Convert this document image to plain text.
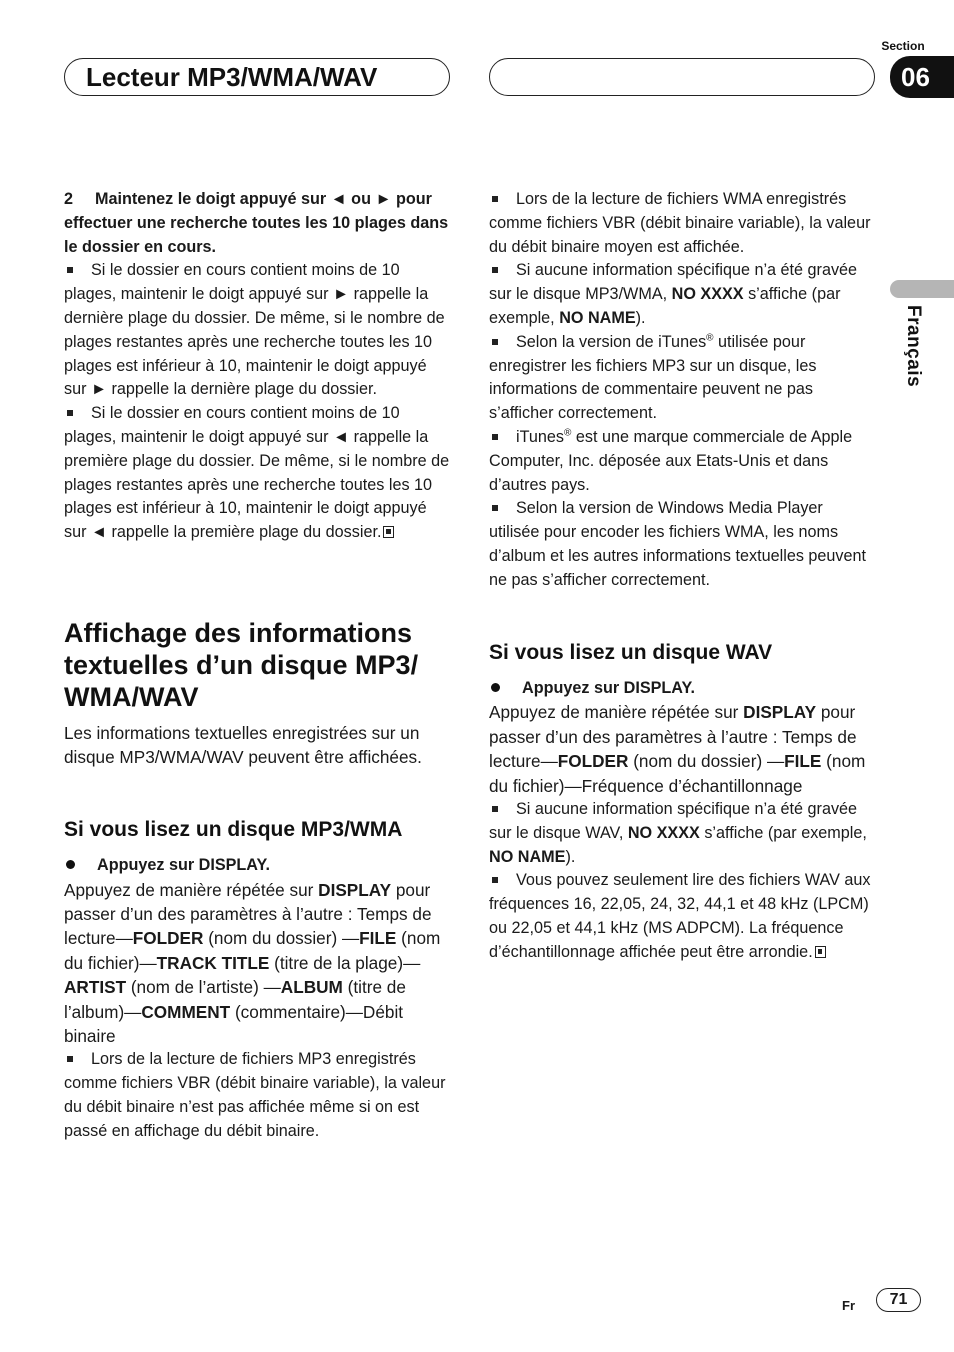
Lecteur MP3/WMA/WAV
Section
06
Français

2 Maintenez le doigt appuyé sur ◄ ou ► pour effectuer une recherche toutes les 10 plages dans le dossier en cours.

Si le dossier en cours contient moins de 10 plages, maintenir le doigt appuyé sur ► rappelle la dernière plage du dossier. De même, si le nombre de plages restantes après une recherche toutes les 10 plages est inférieur à 10, maintenir le doigt appuyé sur ► rappelle la dernière plage du dossier.

Si le dossier en cours contient moins de 10 plages, maintenir le doigt appuyé sur ◄ rappelle la première plage du dossier. De même, si le nombre de plages restantes après une recherche toutes les 10 plages est inférieur à 10, maintenir le doigt appuyé sur ◄ rappelle la première plage du dossier.

Affichage des informations textuelles d’un disque MP3/ WMA/WAV

Les informations textuelles enregistrées sur un disque MP3/WMA/WAV peuvent être affichées.

Si vous lisez un disque MP3/WMA

Appuyez sur DISPLAY.

Appuyez de manière répétée sur DISPLAY pour passer d’un des paramètres à l’autre : Temps de lecture—FOLDER (nom du dossier) —FILE (nom du fichier)—TRACK TITLE (titre de la plage)—ARTIST (nom de l’artiste) —ALBUM (titre de l’album)—COMMENT (commentaire)—Débit binaire

Lors de la lecture de fichiers MP3 enregistrés comme fichiers VBR (débit binaire variable), la valeur du débit binaire n’est pas affichée même si on est passé en affichage du débit binaire.

Lors de la lecture de fichiers WMA enregistrés comme fichiers VBR (débit binaire variable), la valeur du débit binaire moyen est affichée.

Si aucune information spécifique n’a été gravée sur le disque MP3/WMA, NO XXXX s’affiche (par exemple, NO NAME).

Selon la version de iTunes® utilisée pour enregistrer les fichiers MP3 sur un disque, les informations de commentaire peuvent ne pas s’afficher correctement.

iTunes® est une marque commerciale de Apple Computer, Inc. déposée aux Etats-Unis et dans d’autres pays.

Selon la version de Windows Media Player utilisée pour encoder les fichiers WMA, les noms d’album et les autres informations textuelles peuvent ne pas s’afficher correctement.

Si vous lisez un disque WAV

Appuyez sur DISPLAY.

Appuyez de manière répétée sur DISPLAY pour passer d’un des paramètres à l’autre : Temps de lecture—FOLDER (nom du dossier) —FILE (nom du fichier)—Fréquence d’échantillonnage

Si aucune information spécifique n’a été gravée sur le disque WAV, NO XXXX s’affiche (par exemple, NO NAME).

Vous pouvez seulement lire des fichiers WAV aux fréquences 16, 22,05, 24, 32, 44,1 et 48 kHz (LPCM) ou 22,05 et 44,1 kHz (MS ADPCM). La fréquence d’échantillonnage affichée peut être arrondie.

Fr	71
